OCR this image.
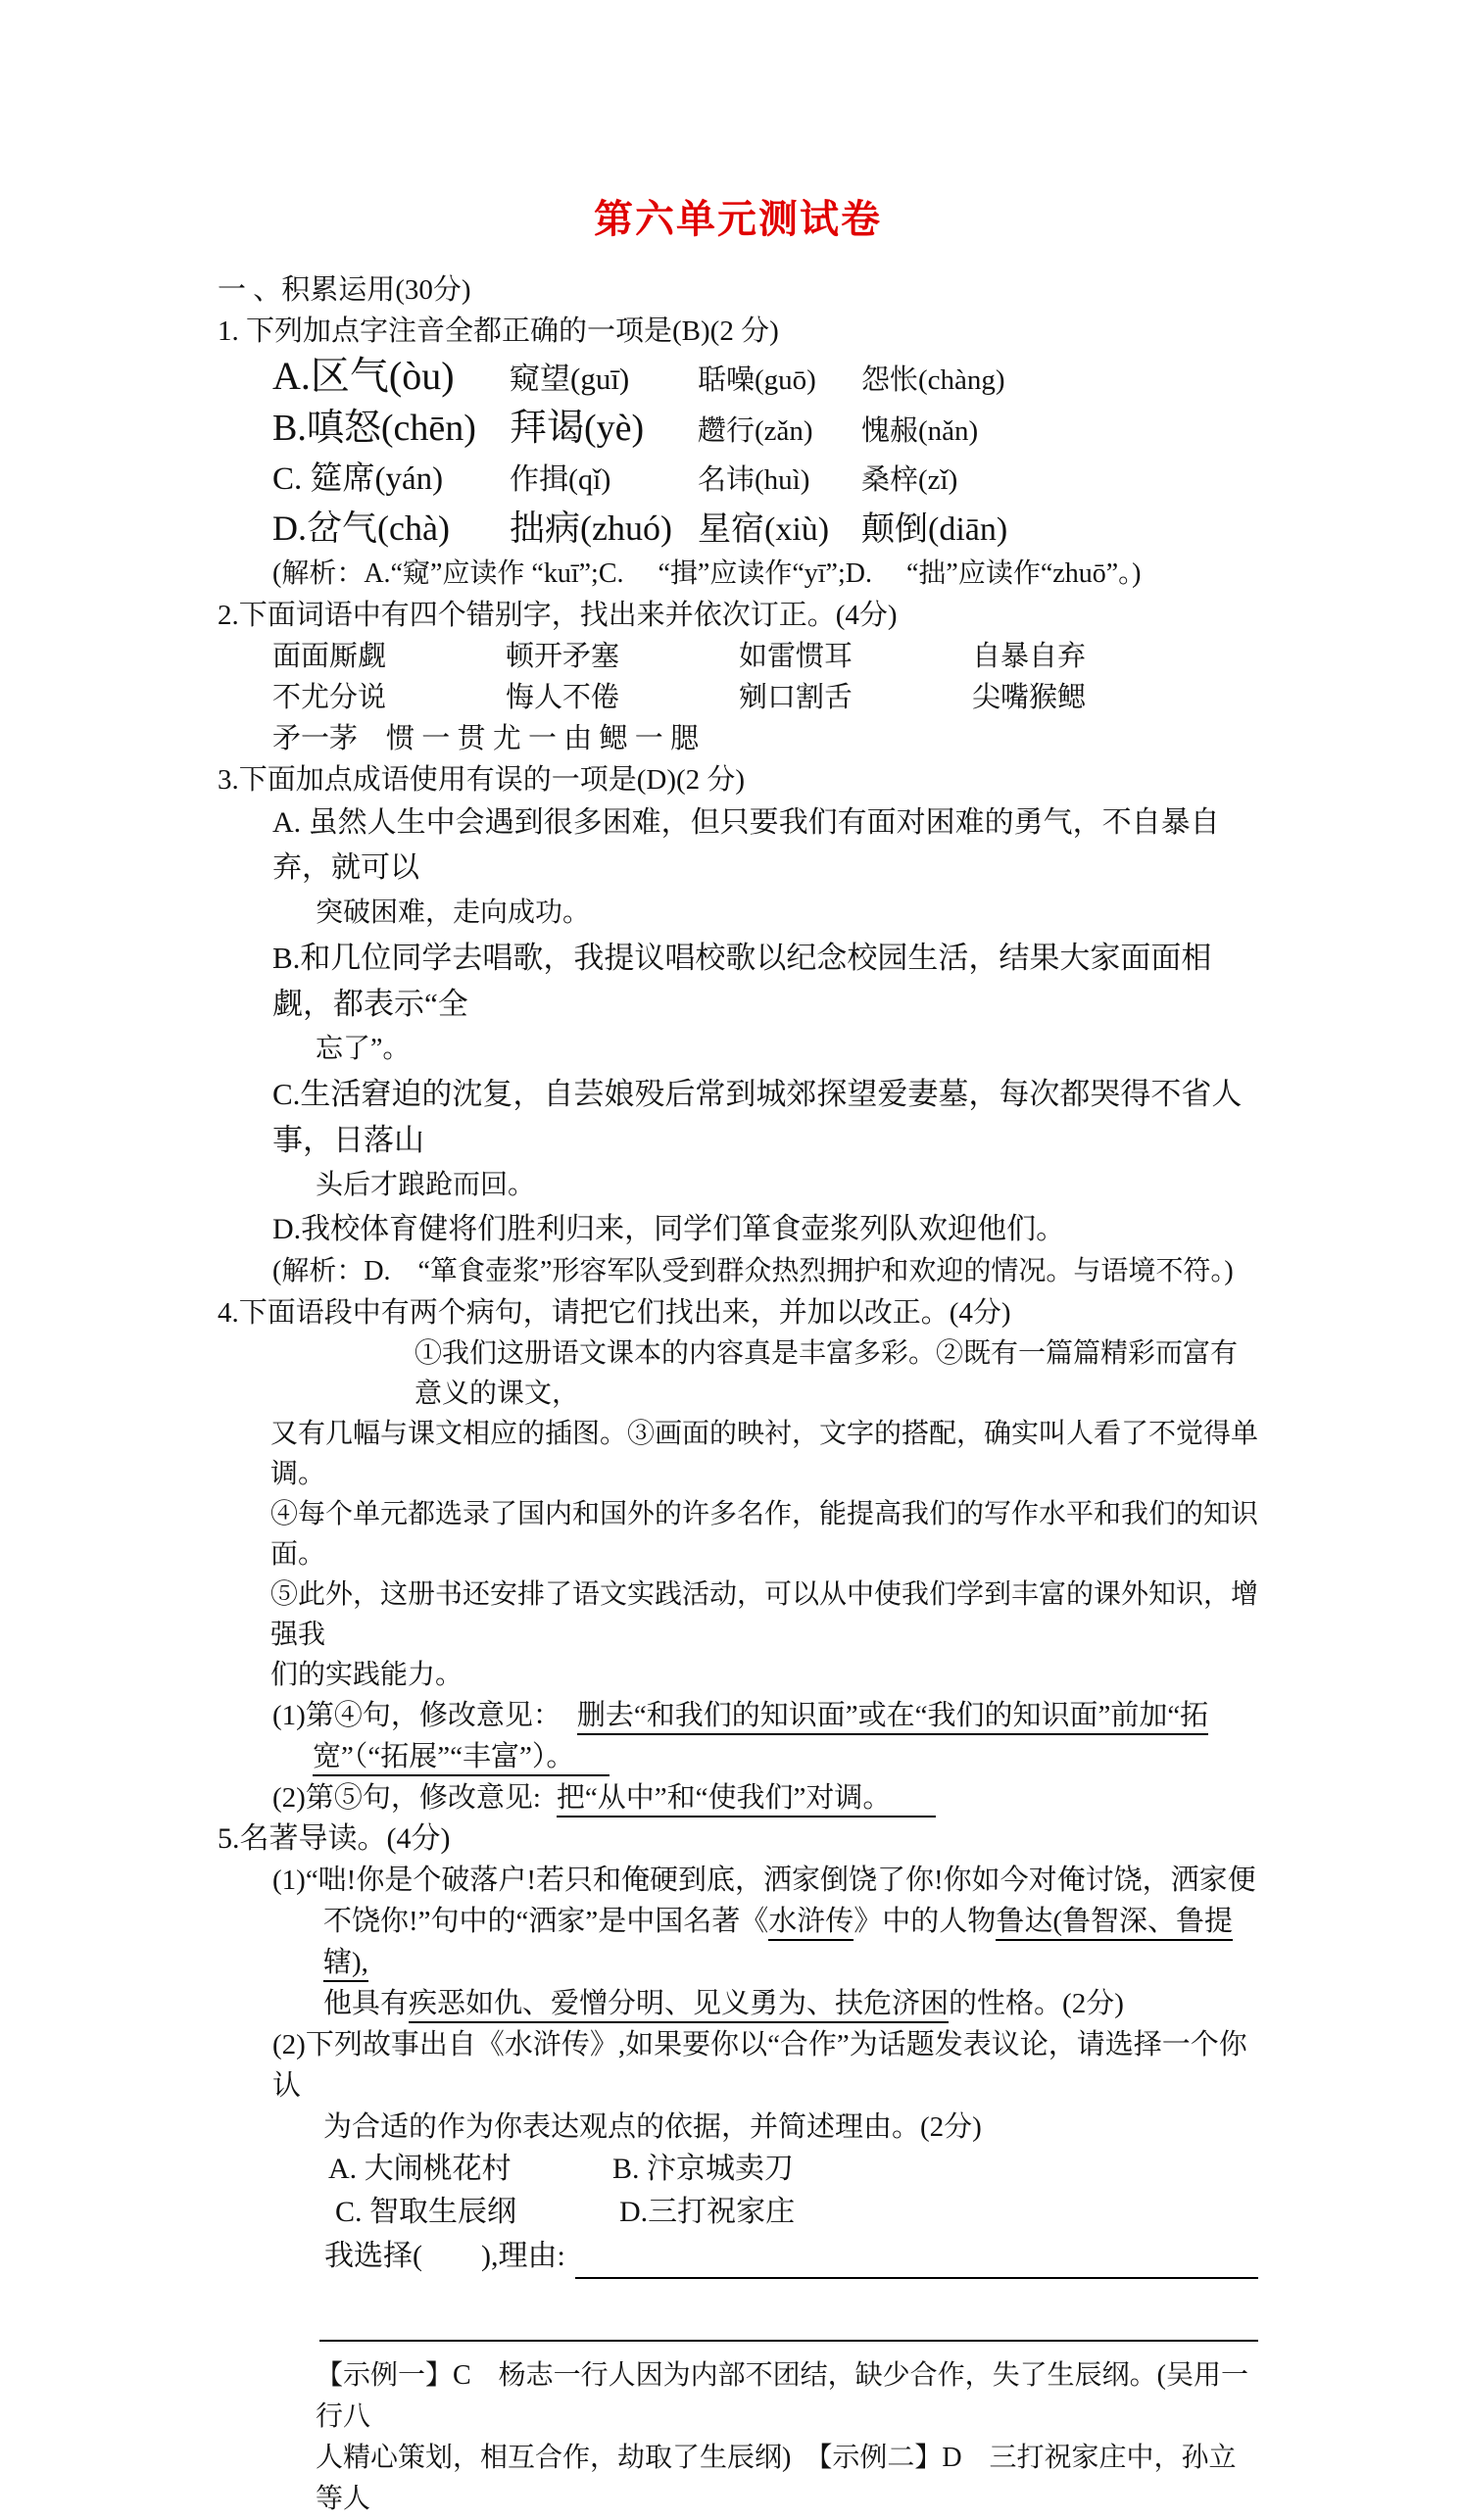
第六单元测试卷
一 、积累运用(30分)
1. 下列加点字注音全都正确的一项是(B)(2 分)
A.区气(òu)	窥望(guī)	聒噪(guō)	怨怅(chàng)
B.嗔怒(chēn) 拜谒(yè)	趱行(zǎn)	愧赧(nǎn)
C. 筵席(yán)	作揖(qǐ)	名讳(huì)	桑梓(zǐ)
D.岔气(chà)	拙病(zhuó) 星宿(xiù) 颠倒(diān)
(解析：A.“窥”应读作 “kuī”;C.　 “揖”应读作“yī”;D.　 “拙”应读作“zhuō”。)
2.下面词语中有四个错别字，找出来并依次订正。(4分)
面面厮觑	顿开矛塞	如雷惯耳	自暴自弃
不尤分说	悔人不倦	剜口割舌	尖嘴猴鳃
矛一茅　惯 一 贯 尤 一 由 鳃 一 腮
3.下面加点成语使用有误的一项是(D)(2 分)
A. 虽然人生中会遇到很多困难，但只要我们有面对困难的勇气，不自暴自弃，就可以
突破困难，走向成功。
B.和几位同学去唱歌，我提议唱校歌以纪念校园生活，结果大家面面相觑，都表示“全
忘了”。
C.生活窘迫的沈复，自芸娘殁后常到城郊探望爱妻墓，每次都哭得不省人事，日落山
头后才踉跄而回。
D.我校体育健将们胜利归来，同学们箪食壶浆列队欢迎他们。
(解析：D.　“箪食壶浆”形容军队受到群众热烈拥护和欢迎的情况。与语境不符。)
4.下面语段中有两个病句，请把它们找出来，并加以改正。(4分)
①我们这册语文课本的内容真是丰富多彩。②既有一篇篇精彩而富有意义的课文，
又有几幅与课文相应的插图。③画面的映衬，文字的搭配，确实叫人看了不觉得单调。
④每个单元都选录了国内和国外的许多名作，能提高我们的写作水平和我们的知识面。
⑤此外，这册书还安排了语文实践活动，可以从中使我们学到丰富的课外知识，增强我
们的实践能力。
(1)第④句，修改意见： 删去“和我们的知识面”或在“我们的知识面”前加“拓
宽”（“拓展”“丰富”）。
(2)第⑤句，修改意见: 把“从中”和“使我们”对调。
5.名著导读。(4分)
(1)“咄!你是个破落户!若只和俺硬到底，洒家倒饶了你!你如今对俺讨饶，洒家便
不饶你!”句中的“洒家”是中国名著《水浒传》中的人物鲁达(鲁智深、鲁提辖),
他具有疾恶如仇、爱憎分明、见义勇为、扶危济困的性格。(2分)
(2)下列故事出自《水浒传》,如果要你以“合作”为话题发表议论，请选择一个你认
为合适的作为你表达观点的依据，并简述理由。(2分)
A. 大闹桃花村	B. 汴京城卖刀
C. 智取生辰纲	D.三打祝家庄
我选择(　　),理由:
【示例一】C　杨志一行人因为内部不团结，缺少合作，失了生辰纲。(吴用一行八
人精心策划，相互合作，劫取了生辰纲)　【示例二】D　三打祝家庄中，孙立等人
